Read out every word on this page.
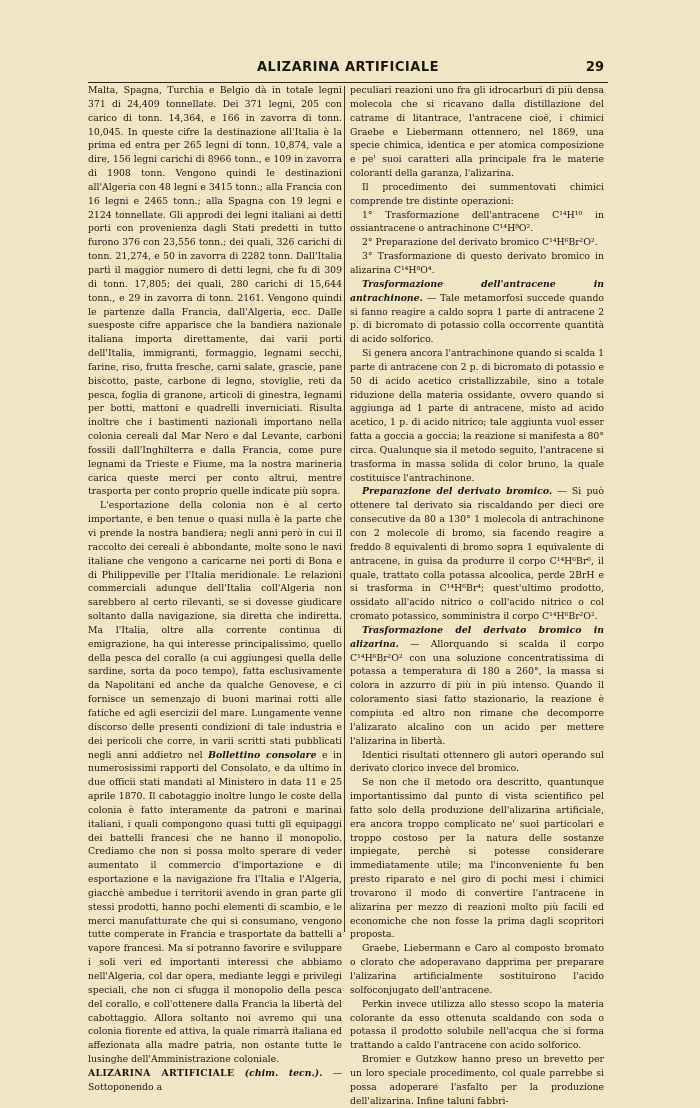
ALIZARINA ARTIFICIALE	29

Malta, Spagna, Turchia e Belgio dà in totale legni 371 di 24,409 tonnellate. Dei 371 legni, 205 con carico di tonn. 14,364, e 166 in zavorra di tonn. 10,045. In queste cifre la destinazione all'Italia è la prima ed entra per 265 legni di tonn. 10,874, vale a dire, 156 legni carichi di 8966 tonn., e 109 in zavorra di 1908 tonn. Vengono quindi le destinazioni all'Algeria con 48 legni e 3415 tonn.; alla Francia con 16 legni e 2465 tonn.; alla Spagna con 19 legni e 2124 tonnellate. Gli approdi dei legni italiani ai detti porti con provenienza dagli Stati predetti in tutto furono 376 con 23,556 tonn.; dei quali, 326 carichi di tonn. 21,274, e 50 in zavorra di 2282 tonn. Dall'Italia partì il maggior numero di detti legni, che fu di 309 di tonn. 17,805; dei quali, 280 carichi di 15,644 tonn., e 29 in zavorra di tonn. 2161. Vengono quindi le partenze dalla Francia, dall'Algeria, ecc. Dalle suesposte cifre apparisce che la bandiera nazionale italiana importa direttamente, dai varii porti dell'Italia, immigranti, formaggio, legnami secchi, farine, riso, frutta fresche, carni salate, grascie, pane biscotto, paste, carbone di legno, stoviglie, reti da pesca, foglia di granone, articoli di ginestra, legnami per botti, mattoni e quadrelli inverniciati. Risulta inoltre che i bastimenti nazionali importano nella colonia cereali dal Mar Nero e dal Levante, carboni fossili dall'Inghilterra e dalla Francia, come pure legnami da Trieste e Fiume, ma la nostra marineria carica queste merci per conto altrui, mentre trasporta per conto proprio quelle indicate più sopra.

L'esportazione della colonia non è al certo importante, e ben tenue o quasi nulla è la parte che vi prende la nostra bandiera; negli anni però in cui il raccolto dei cereali è abbondante, molte sono le navi italiane che vengono a caricarne nei porti di Bona e di Philippeville per l'Italia meridionale. Le relazioni commerciali adunque dell'Italia coll'Algeria non sarebbero al certo rilevanti, se si dovesse giudicare soltanto dalla navigazione, sia diretta che indiretta. Ma l'Italia, oltre alla corrente continua di emigrazione, ha qui interesse principalissimo, quello della pesca del corallo (a cui aggiungesi quella delle sardine, sorta da poco tempo), fatta esclusivamente da Napolitani ed anche da qualche Genovese, e ci fornisce un semenzajo di buoni marinai rotti alle fatiche ed agli esercizii del mare. Lungamente venne discorso delle presenti condizioni di tale industria e dei pericoli che corre, in varii scritti stati pubblicati negli anni addietro nel Bollettino consolare e in numerosissimi rapporti del Consolato, e da ultimo in due officii stati mandati al Ministero in data 11 e 25 aprile 1870. Il cabotaggio inoltre lungo le coste della colonia è fatto interamente da patroni e marinai italiani, i quali compongono quasi tutti gli equipaggi dei battelli francesi che ne hanno il monopolio. Crediamo che non si possa molto sperare di veder aumentato il commercio d'importazione e di esportazione e la navigazione fra l'Italia e l'Algeria, giacchè ambedue i territorii avendo in gran parte gli stessi prodotti, hanno pochi elementi di scambio, e le merci manufatturate che qui si consumano, vengono tutte comperate in Francia e trasportate da battelli a vapore francesi. Ma si potranno favorire e sviluppare i soli veri ed importanti interessi che abbiamo nell'Algeria, col dar opera, mediante leggi e privilegi speciali, che non ci sfugga il monopolio della pesca del corallo, e coll'ottenere dalla Francia la libertà del cabottaggio. Allora soltanto noi avremo qui una colonia fiorente ed attiva, la quale rimarrà italiana ed affezionata alla madre patria, non ostante tutte le lusinghe dell'Amministrazione coloniale.

ALIZARINA ARTIFICIALE (chim. tecn.). — Sottoponendo a

peculiari reazioni uno fra gli idrocarburi di più densa molecola che si ricavano dalla distillazione del catrame di litantrace, l'antracene cioè, i chimici Graebe e Liebermann ottennero, nel 1869, una specie chimica, identica e per atomica composizione e pe' suoi caratteri alla principale fra le materie coloranti della garanza, l'alizarina.

Il procedimento dei summentovati chimici comprende tre distinte operazioni:

1° Trasformazione dell'antracene C¹⁴H¹⁰ in ossiantracene o antrachinone C¹⁴H⁸O².

2° Preparazione del derivato bromico C¹⁴H⁶Br²O².

3° Trasformazione di questo derivato bromico in alizarina C¹⁴H⁸O⁴.

Trasformazione dell'antracene in antrachinone. — Tale metamorfosi succede quando si fanno reagire a caldo sopra 1 parte di antracene 2 p. di bicromato di potassio colla occorrente quantità di acido solforico.

Si genera ancora l'antrachinone quando si scalda 1 parte di antracene con 2 p. di bicromato di potassio e 50 di acido acetico cristallizzabile, sino a totale riduzione della materia ossidante, ovvero quando si aggiunga ad 1 parte di antracene, misto ad acido acetico, 1 p. di acido nitrico; tale aggiunta vuol esser fatta a goccia a goccia; la reazione si manifesta a 80° circa. Qualunque sia il metodo seguito, l'antracene si trasforma in massa solida di color bruno, la quale costituisce l'antrachinone.

Preparazione del derivato bromico. — Si può ottenere tal derivato sia riscaldando per dieci ore consecutive da 80 a 130° 1 molecola di antrachinone con 2 molecole di bromo, sia facendo reagire a freddo 8 equivalenti di bromo sopra 1 equivalente di antracene, in guisa da produrre il corpo C¹⁴H⁶Br⁶, il quale, trattato colla potassa alcoolica, perde 2BrH e si trasforma in C¹⁴H⁶Br⁴; quest'ultimo prodotto, ossidato all'acido nitrico o coll'acido nitrico o col cromato potassico, somministra il corpo C¹⁴H⁶Br²O².

Trasformazione del derivato bromico in alizarina. — Allorquando si scalda il corpo C¹⁴H⁶Br²O² con una soluzione concentratissima di potassa a temperatura di 180 a 260°, la massa si colora in azzurro di più in più intenso. Quando il coloramento siasi fatto stazionario, la reazione è compiuta ed altro non rimane che decomporre l'alizarato alcalino con un acido per mettere l'alizarina in libertà.

Identici risultati ottennero gli autori operando sul derivato clorico invece del bromico.

Se non che il metodo ora descritto, quantunque importantissimo dal punto di vista scientifico pel fatto solo della produzione dell'alizarina artificiale, era ancora troppo complicato ne' suoi particolari e troppo costoso per la natura delle sostanze impiegate, perchè si potesse considerare immediatamente utile; ma l'inconveniente fu ben presto riparato e nel giro di pochi mesi i chimici trovarono il modo di convertire l'antracene in alizarina per mezzo di reazioni molto più facili ed economiche che non fosse la prima dagli scopritori proposta.

Graebe, Liebermann e Caro al composto bromato o clorato che adoperavano dapprima per preparare l'alizarina artificialmente sostituirono l'acido solfoconjugato dell'antracene.

Perkin invece utilizza allo stesso scopo la materia colorante da esso ottenuta scaldando con soda o potassa il prodotto solubile nell'acqua che si forma trattando a caldo l'antracene con acido solforico.

Bromier e Gutzkow hanno preso un brevetto per un loro speciale procedimento, col quale parrebbe si possa adoperare l'asfalto per la produzione dell'alizarina. Infine taluni fabbri-
